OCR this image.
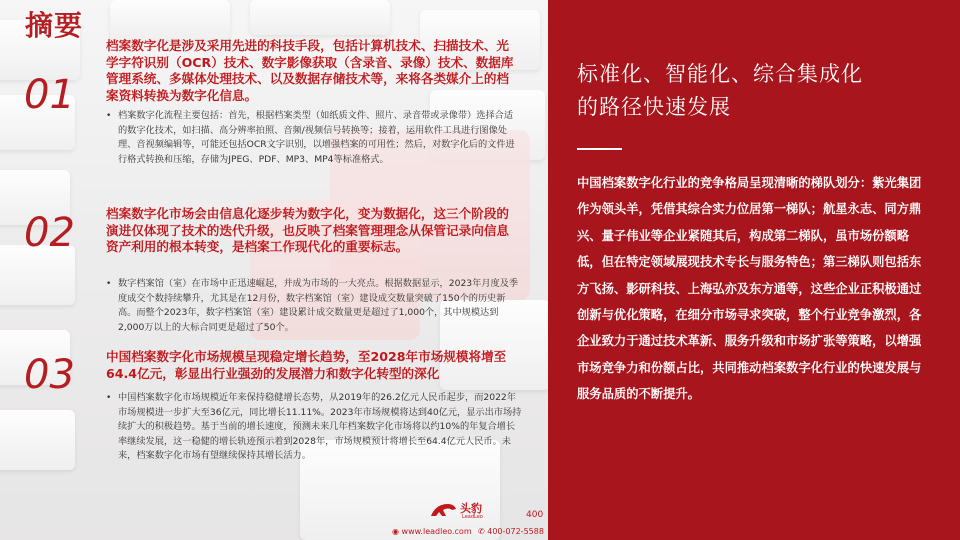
摘要
01
档案数字化是涉及采用先进的科技手段，包括计算机技术、扫描技术、光学字符识别（OCR）技术、数字影像获取（含录音、录像）技术、数据库管理系统、多媒体处理技术、以及数据存储技术等，来将各类媒介上的档案资料转换为数字化信息。
• 档案数字化流程主要包括：首先，根据档案类型（如纸质文件、照片、录音带或录像带）选择合适的数字化技术，如扫描、高分辨率拍照、音频/视频信号转换等；接着，运用软件工具进行图像处理、音视频编辑等，可能还包括OCR文字识别，以增强档案的可用性；然后，对数字化后的文件进行格式转换和压缩，存储为JPEG、PDF、MP3、MP4等标准格式。
02 档案数字化市场会由信息化逐步转为数字化，变为数据化，这三个阶段的演进仅体现了技术的迭代升级，也反映了档案管理理念从保管记录向信息资产利用的根本转变，是档案工作现代化的重要标志。
• 数字档案馆（室）在市场中正迅速崛起，并成为市场的一大亮点。根据数据显示，2023年月度及季度成交个数持续攀升，尤其是在12月份，数字档案馆（室）建设成交数量突破了150个的历史新高。而整个2023年，数字档案馆（室）建设累计成交数量更是超过了1,000个，其中规模达到2,000万以上的大标合同更是超过了50个。
03 中国档案数字化市场规模呈现稳定增长趋势，至2028年市场规模将增至64.4亿元，彰显出行业强劲的发展潜力和数字化转型的深化
• 中国档案数字化市场规模近年来保持稳健增长态势，从2019年的26.2亿元人民币起步，而2022年市场规模进一步扩大至36亿元，同比增长11.11%。2023年市场规模将达到40亿元，显示出市场持续扩大的积极趋势。基于当前的增长速度，预测未来几年档案数字化市场将以约10%的年复合增长率继续发展，这一稳健的增长轨迹预示着到2028年，市场规模预计将增长至64.4亿元人民币。未来，档案数字化市场有望继续保持其增长活力。
标准化、智能化、综合集成化的路径快速发展
中国档案数字化行业的竞争格局呈现清晰的梯队划分：紫光集团作为领头羊，凭借其综合实力位居第一梯队；航星永志、同方鼎兴、量子伟业等企业紧随其后，构成第二梯队，虽市场份额略低，但在特定领域展现技术专长与服务特色；第三梯队则包括东方飞扬、影研科技、上海弘亦及东方通等，这些企业正积极通过创新与优化策略，在细分市场寻求突破，整个行业竞争激烈，各企业致力于通过技术革新、服务升级和市场扩张等策略，以增强市场竞争力和份额占比，共同推动档案数字化行业的快速发展与服务品质的不断提升。
头豹
LeadLeo	400
◉ www.leadleo.com ✆ 400-072-5588
